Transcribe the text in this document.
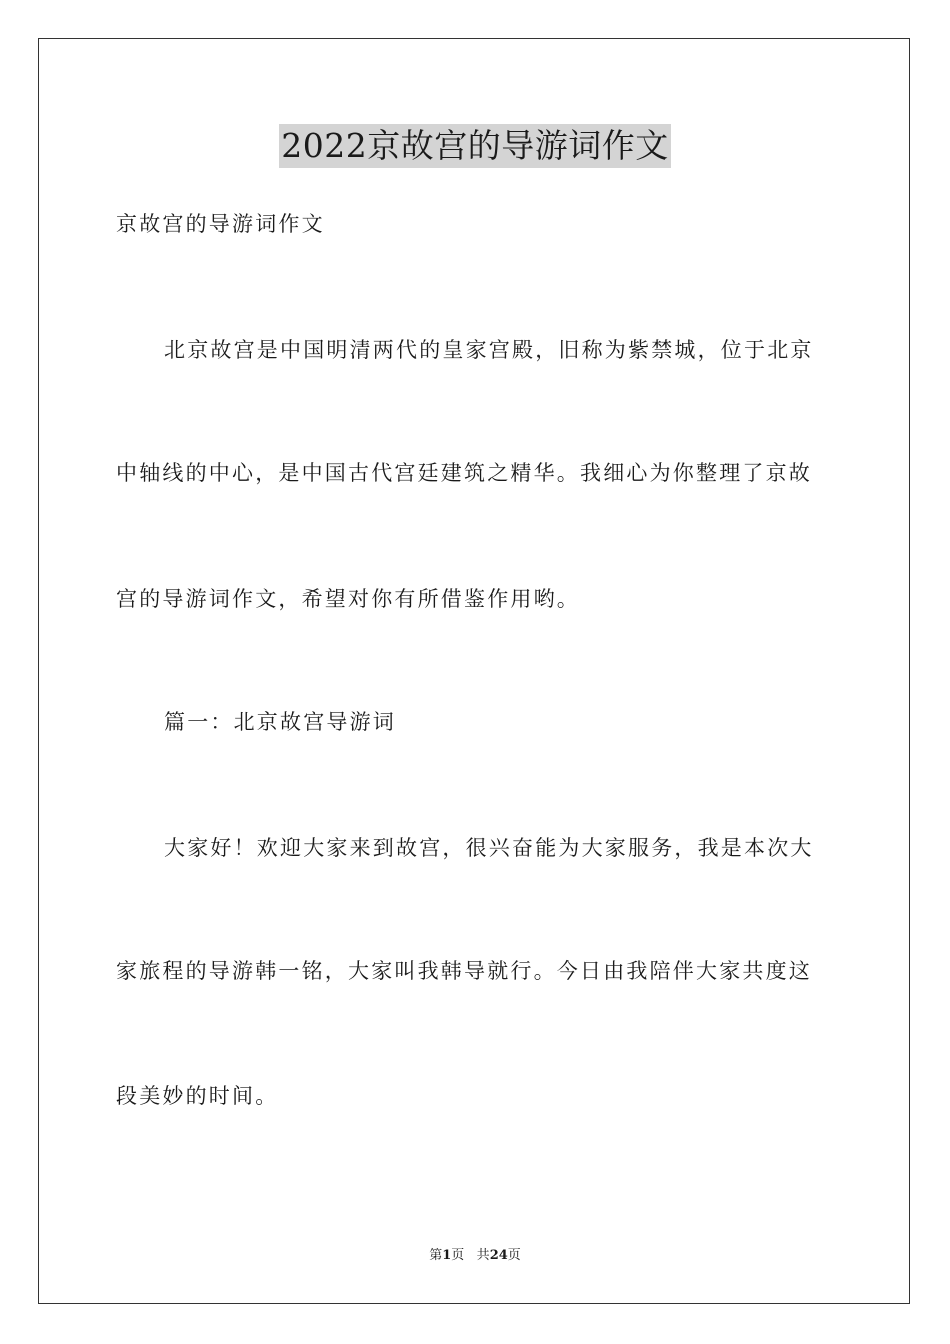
2022京故宫的导游词作文
京故宫的导游词作文
北京故宫是中国明清两代的皇家宫殿，旧称为紫禁城，位于北京
中轴线的中心，是中国古代宫廷建筑之精华。我细心为你整理了京故
宫的导游词作文，希望对你有所借鉴作用哟。
篇一：北京故宫导游词
大家好！欢迎大家来到故宫，很兴奋能为大家服务，我是本次大
家旅程的导游韩一铭，大家叫我韩导就行。今日由我陪伴大家共度这
段美妙的时间。
第1页 共24页
